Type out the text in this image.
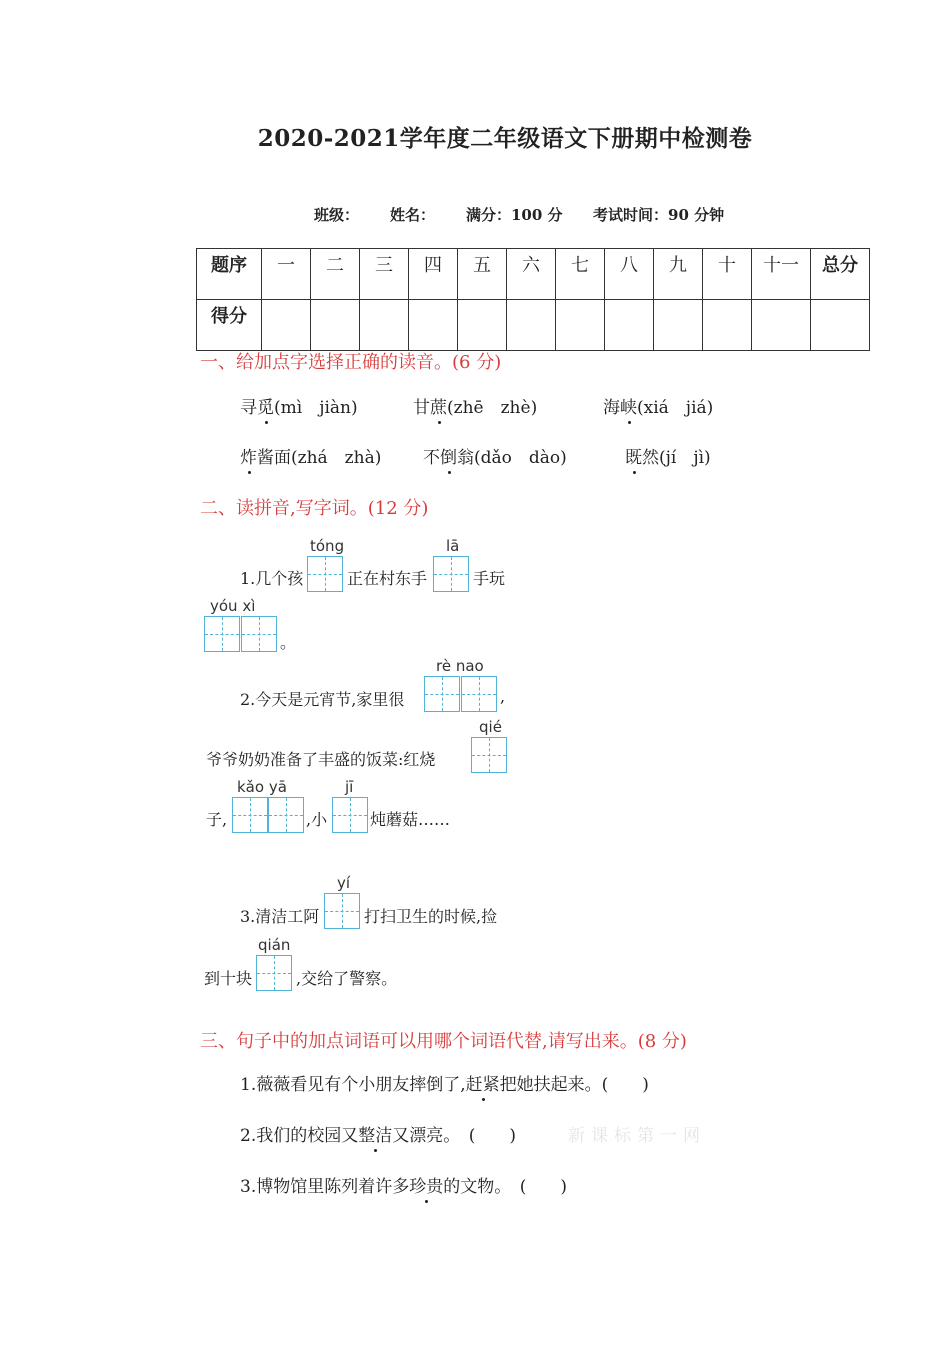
2020-2021学年度二年级语文下册期中检测卷
班级： 姓名： 满分：100 分 考试时间：90 分钟
题序	一	二	三	四	五	六	七	八	九	十	十一	总分
得分												
一、给加点字选择正确的读音。(6 分)
寻觅(mì　jiàn)	甘蔗(zhē　zhè)	海峡(xiá　jiá)
炸酱面(zhá　zhà) 不倒翁(dǎo　dào)	既然(jí　jì)
二、读拼音,写字词。(12 分)
tóng	lā
1.几个孩	正在村东手	手玩
yóu xì
。
rè nao
2.今天是元宵节,家里很	,
qié
爷爷奶奶准备了丰盛的饭菜:红烧
kǎo yā	jī
子,	,小	炖蘑菇……
yí
3.清洁工阿	打扫卫生的时候,捡
qián
到十块	,交给了警察。
三、句子中的加点词语可以用哪个词语代替,请写出来。(8 分)
1.薇薇看见有个小朋友摔倒了,赶紧把她扶起来。(　　)
2.我们的校园又整洁又漂亮。　(　　)	新课标第一网
3.博物馆里陈列着许多珍贵的文物。　(　　)
